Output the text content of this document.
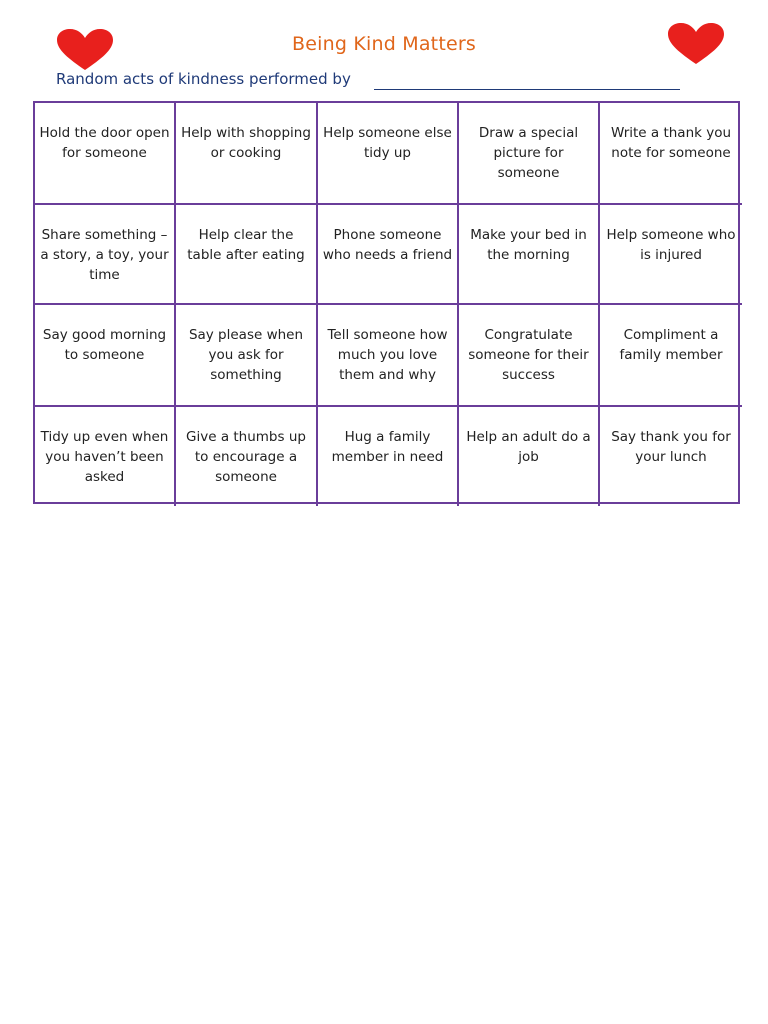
Being Kind Matters
Random acts of kindness performed by
Hold the door open for someone
Help with shopping or cooking
Help someone else tidy up
Draw a special picture for someone
Write a thank you note for someone
Share something – a story, a toy, your time
Help clear the table after eating
Phone someone who needs a friend
Make your bed in the morning
Help someone who is injured
Say good morning to someone
Say please when you ask for something
Tell someone how much you love them and why
Congratulate someone for their success
Compliment a family member
Tidy up even when you haven’t been asked
Give a thumbs up to encourage a someone
Hug a family member in need
Help an adult do a job
Say thank you for your lunch
